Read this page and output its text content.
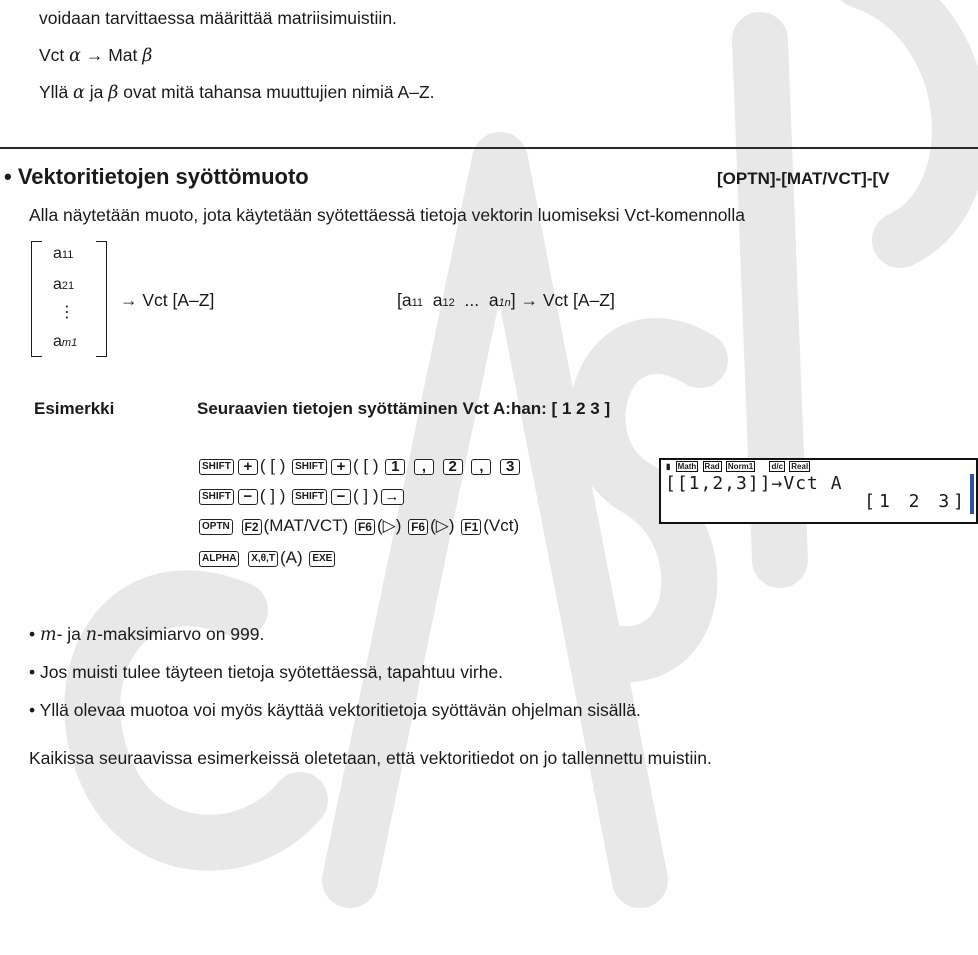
voidaan tarvittaessa määrittää matriisimuistiin.
Vct α → Mat β
Yllä α ja β ovat mitä tahansa muuttujien nimiä A–Z.
• Vektoritietojen syöttömuoto	[OPTN]-[MAT/VCT]-[V
Alla näytetään muoto, jota käytetään syötettäessä tietoja vektorin luomiseksi Vct-komennolla
a11
a21
⋮
am1
→ Vct [A–Z]	[a11 a12 ... a1n] → Vct [A–Z]
Esimerkki	Seuraavien tietojen syöttäminen Vct A:han: [ 1 2 3 ]
SHIFT + ( [ ) SHIFT + ( [ ) 1 , 2 , 3
SHIFT − ( ] ) SHIFT − ( ] ) →
OPTN F2 (MAT/VCT) F6 (▷) F6 (▷) F1 (Vct)
ALPHA X,θ,T (A) EXE
▮ Math Rad Norm1 d/c Real
[[1,2,3]]→Vct A
[1 2 3]
• m- ja n-maksimiarvo on 999.
• Jos muisti tulee täyteen tietoja syötettäessä, tapahtuu virhe.
• Yllä olevaa muotoa voi myös käyttää vektoritietoja syöttävän ohjelman sisällä.
Kaikissa seuraavissa esimerkeissä oletetaan, että vektoritiedot on jo tallennettu muistiin.
